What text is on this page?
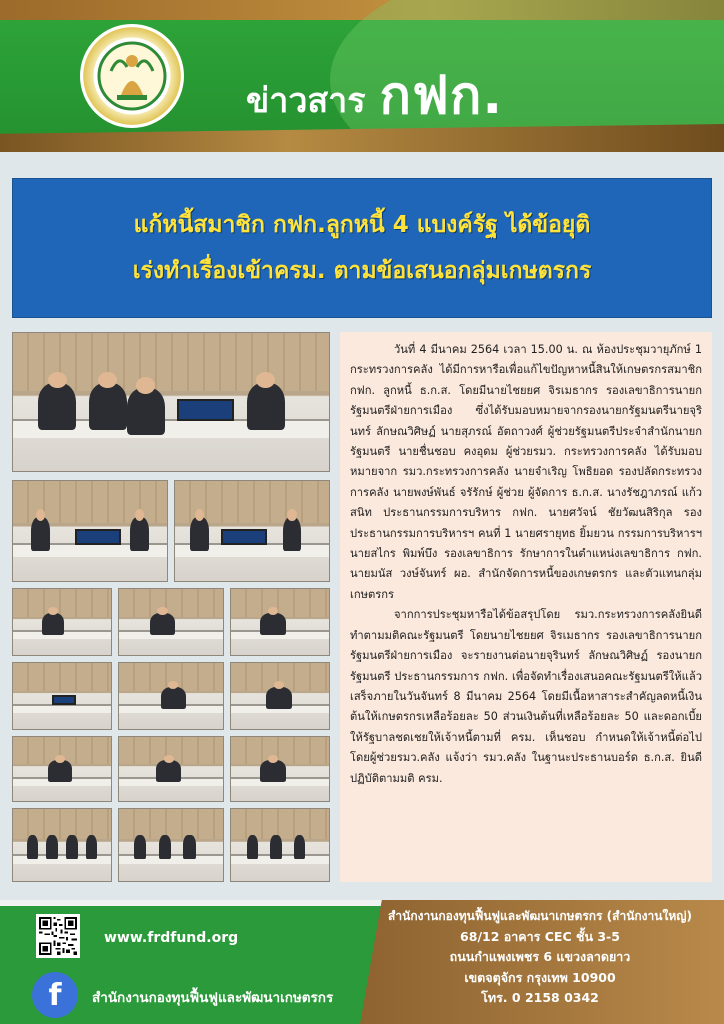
ข่าวสาร กฟก.
แก้หนี้สมาชิก กฟก.ลูกหนี้ 4 แบงค์รัฐ ได้ข้อยุติ
เร่งทำเรื่องเข้าครม. ตามข้อเสนอกลุ่มเกษตรกร

วันที่ 4 มีนาคม 2564 เวลา 15.00 น. ณ ห้องประชุมวายุภักษ์ 1 กระทรวงการคลัง ได้มีการหารือเพื่อแก้ไขปัญหาหนี้สินให้เกษตรกรสมาชิก กฟก. ลูกหนี้ ธ.ก.ส. โดยมีนายไชยยศ จิรเมธากร รองเลขาธิการนายกรัฐมนตรีฝ่ายการเมือง ซึ่งได้รับมอบหมายจากรองนายกรัฐมนตรีนายจุรินทร์ ลักษณวิศิษฏ์ นายสุภรณ์ อัตถาวงศ์ ผู้ช่วยรัฐมนตรีประจำสำนักนายกรัฐมนตรี นายชื่นชอบ คงอุดม ผู้ช่วยรมว. กระทรวงการคลัง ได้รับมอบหมายจาก รมว.กระทรวงการคลัง นายจำเริญ โพธิยอด รองปลัดกระทรวงการคลัง นายพงษ์พันธ์ จรัรักษ์ ผู้ช่วย ผู้จัดการ ธ.ก.ส. นางรัชฎาภรณ์ แก้วสนิท ประธานกรรมการบริหาร กฟก. นายศวัจน์ ชัยวัฒนสิริกุล รองประธานกรรมการบริหารฯ คนที่ 1 นายศรายุทธ ยิ้มยวน กรรมการบริหารฯ นายสไกร พิมพ์บึง รองเลขาธิการ รักษาการในตำแหน่งเลขาธิการ กฟก. นายมนัส วงษ์จันทร์ ผอ. สำนักจัดการหนี้ของเกษตรกร และตัวแทนกลุ่มเกษตรกร

จากการประชุมหารือได้ข้อสรุปโดย รมว.กระทรวงการคลังยินดีทำตามมติคณะรัฐมนตรี โดยนายไชยยศ จิรเมธากร รองเลขาธิการนายกรัฐมนตรีฝ่ายการเมือง จะรายงานต่อนายจุรินทร์ ลักษณวิศิษฏ์ รองนายกรัฐมนตรี ประธานกรรมการ กฟก. เพื่อจัดทำเรื่องเสนอคณะรัฐมนตรีให้แล้วเสร็จภายในวันจันทร์ 8 มีนาคม 2564 โดยมีเนื้อหาสาระสำคัญลดหนี้เงินต้นให้เกษตรกรเหลือร้อยละ 50 ส่วนเงินต้นที่เหลือร้อยละ 50 และดอกเบี้ย ให้รัฐบาลชดเชยให้เจ้าหนี้ตามที่ ครม. เห็นชอบ กำหนดให้เจ้าหนี้ต่อไป โดยผู้ช่วยรมว.คลัง แจ้งว่า รมว.คลัง ในฐานะประธานบอร์ด ธ.ก.ส. ยินดีปฏิบัติตามมติ ครม.

www.frdfund.org
f	สำนักงานกองทุนฟื้นฟูและพัฒนาเกษตรกร
สำนักงานกองทุนฟื้นฟูและพัฒนาเกษตรกร (สำนักงานใหญ่)
68/12 อาคาร CEC ชั้น 3-5
ถนนกำแพงเพชร 6 แขวงลาดยาว
เขตจตุจักร กรุงเทพ 10900
โทร. 0 2158 0342
